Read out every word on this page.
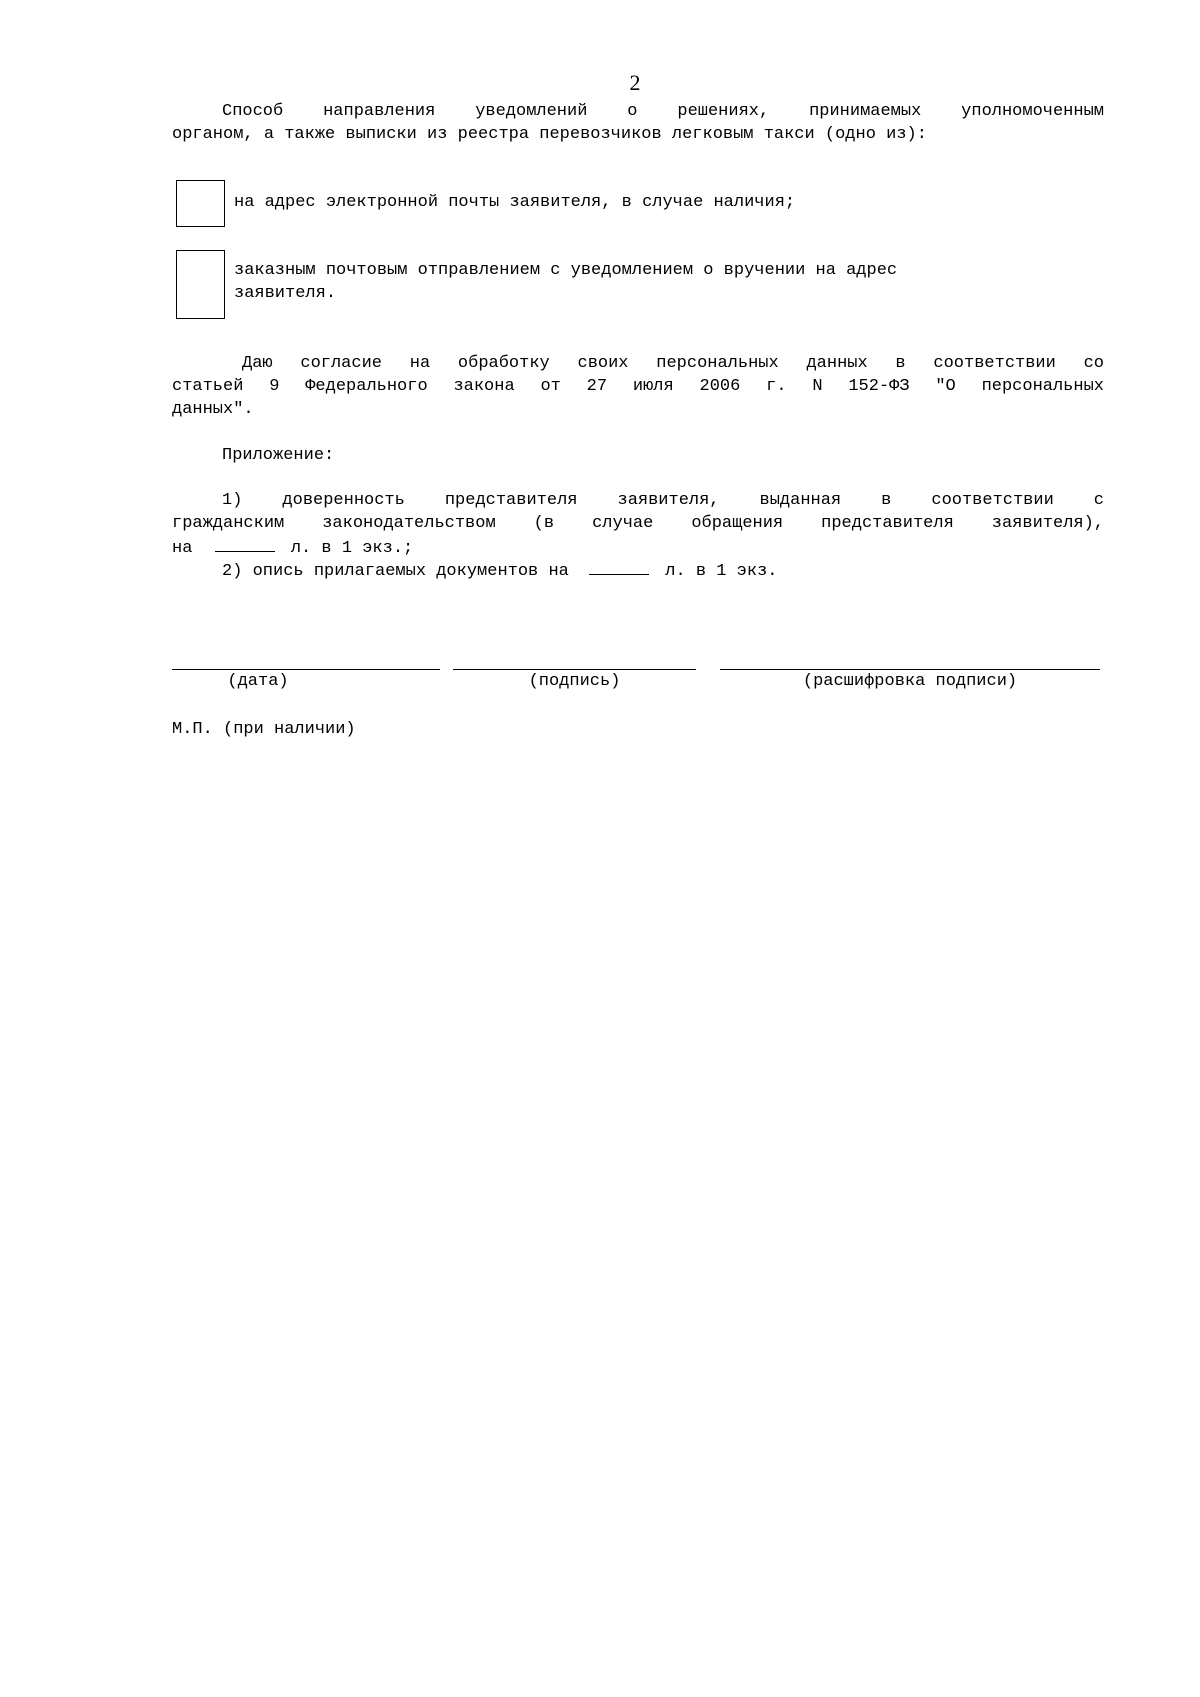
2
Способ направления уведомлений о решениях, принимаемых уполномоченным
органом, а также выписки из реестра перевозчиков легковым такси (одно из):
на адрес электронной почты заявителя, в случае наличия;
заказным почтовым отправлением с уведомлением о вручении на адрес
заявителя.
Даю согласие на обработку своих персональных данных в соответствии со
статьей 9 Федерального закона от 27 июля 2006 г. N 152-ФЗ "О персональных
данных".
Приложение:
1) доверенность представителя заявителя, выданная в соответствии с
гражданским законодательством (в случае обращения представителя заявителя),
на	л. в 1 экз.;
2) опись прилагаемых документов на	л. в 1 экз.
(дата)	(подпись)	(расшифровка подписи)
М.П. (при наличии)
